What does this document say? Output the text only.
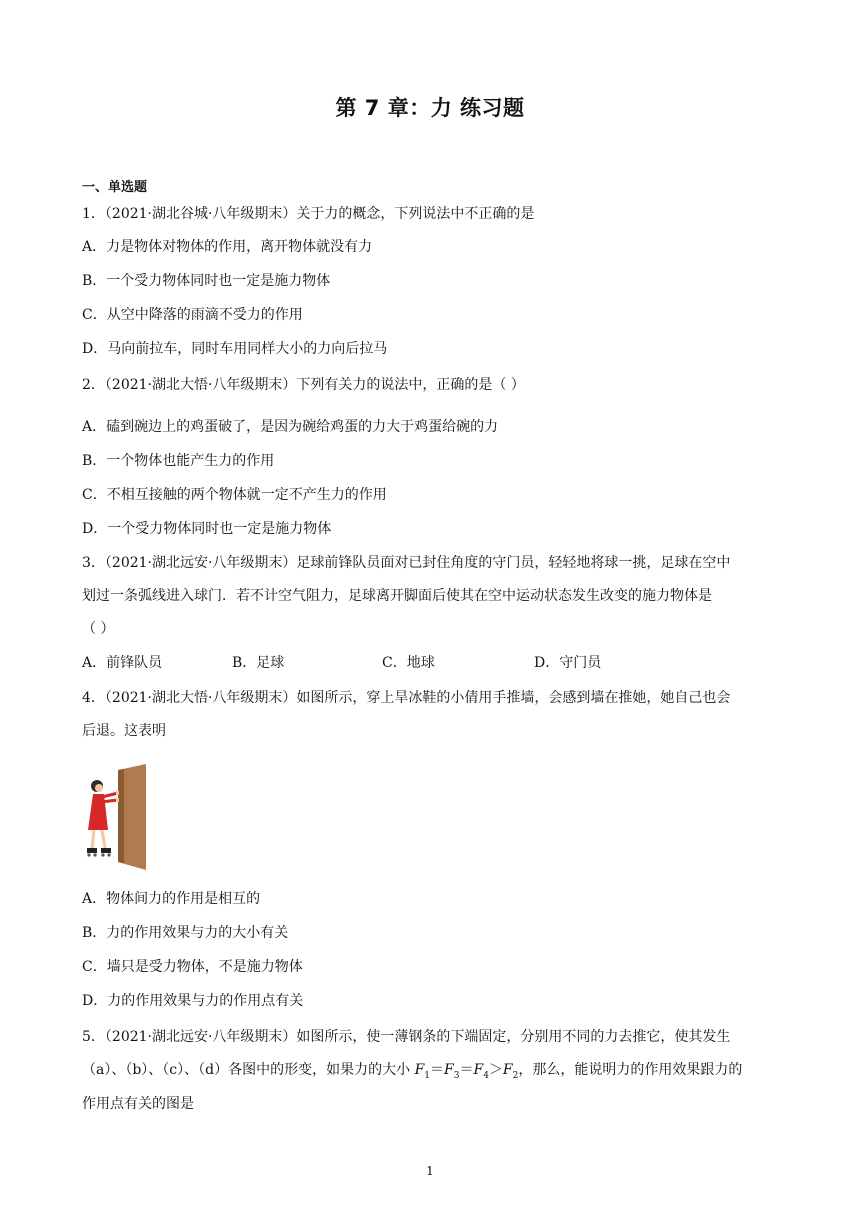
第 7 章：力 练习题
一、单选题
1．（2021·湖北谷城·八年级期末）关于力的概念，下列说法中不正确的是
A．力是物体对物体的作用，离开物体就没有力
B．一个受力物体同时也一定是施力物体
C．从空中降落的雨滴不受力的作用
D．马向前拉车，同时车用同样大小的力向后拉马
2．（2021·湖北大悟·八年级期末）下列有关力的说法中，正确的是（ ）
A．磕到碗边上的鸡蛋破了，是因为碗给鸡蛋的力大于鸡蛋给碗的力
B．一个物体也能产生力的作用
C．不相互接触的两个物体就一定不产生力的作用
D．一个受力物体同时也一定是施力物体
3．（2021·湖北远安·八年级期末）足球前锋队员面对已封住角度的守门员，轻轻地将球一挑，足球在空中
划过一条弧线进入球门．若不计空气阻力，足球离开脚面后使其在空中运动状态发生改变的施力物体是
（ ）
A．前锋队员	B．足球	C．地球	D．守门员
4．（2021·湖北大悟·八年级期末）如图所示，穿上旱冰鞋的小倩用手推墙，会感到墙在推她，她自己也会
后退。这表明
A．物体间力的作用是相互的
B．力的作用效果与力的大小有关
C．墙只是受力物体，不是施力物体
D．力的作用效果与力的作用点有关
5．（2021·湖北远安·八年级期末）如图所示，使一薄钢条的下端固定，分别用不同的力去推它，使其发生
（a）、（b）、（c）、（d）各图中的形变，如果力的大小 $F_1=F_3=F_4>F_2$，那么，能说明力的作用效果跟力的
作用点有关的图是
1
